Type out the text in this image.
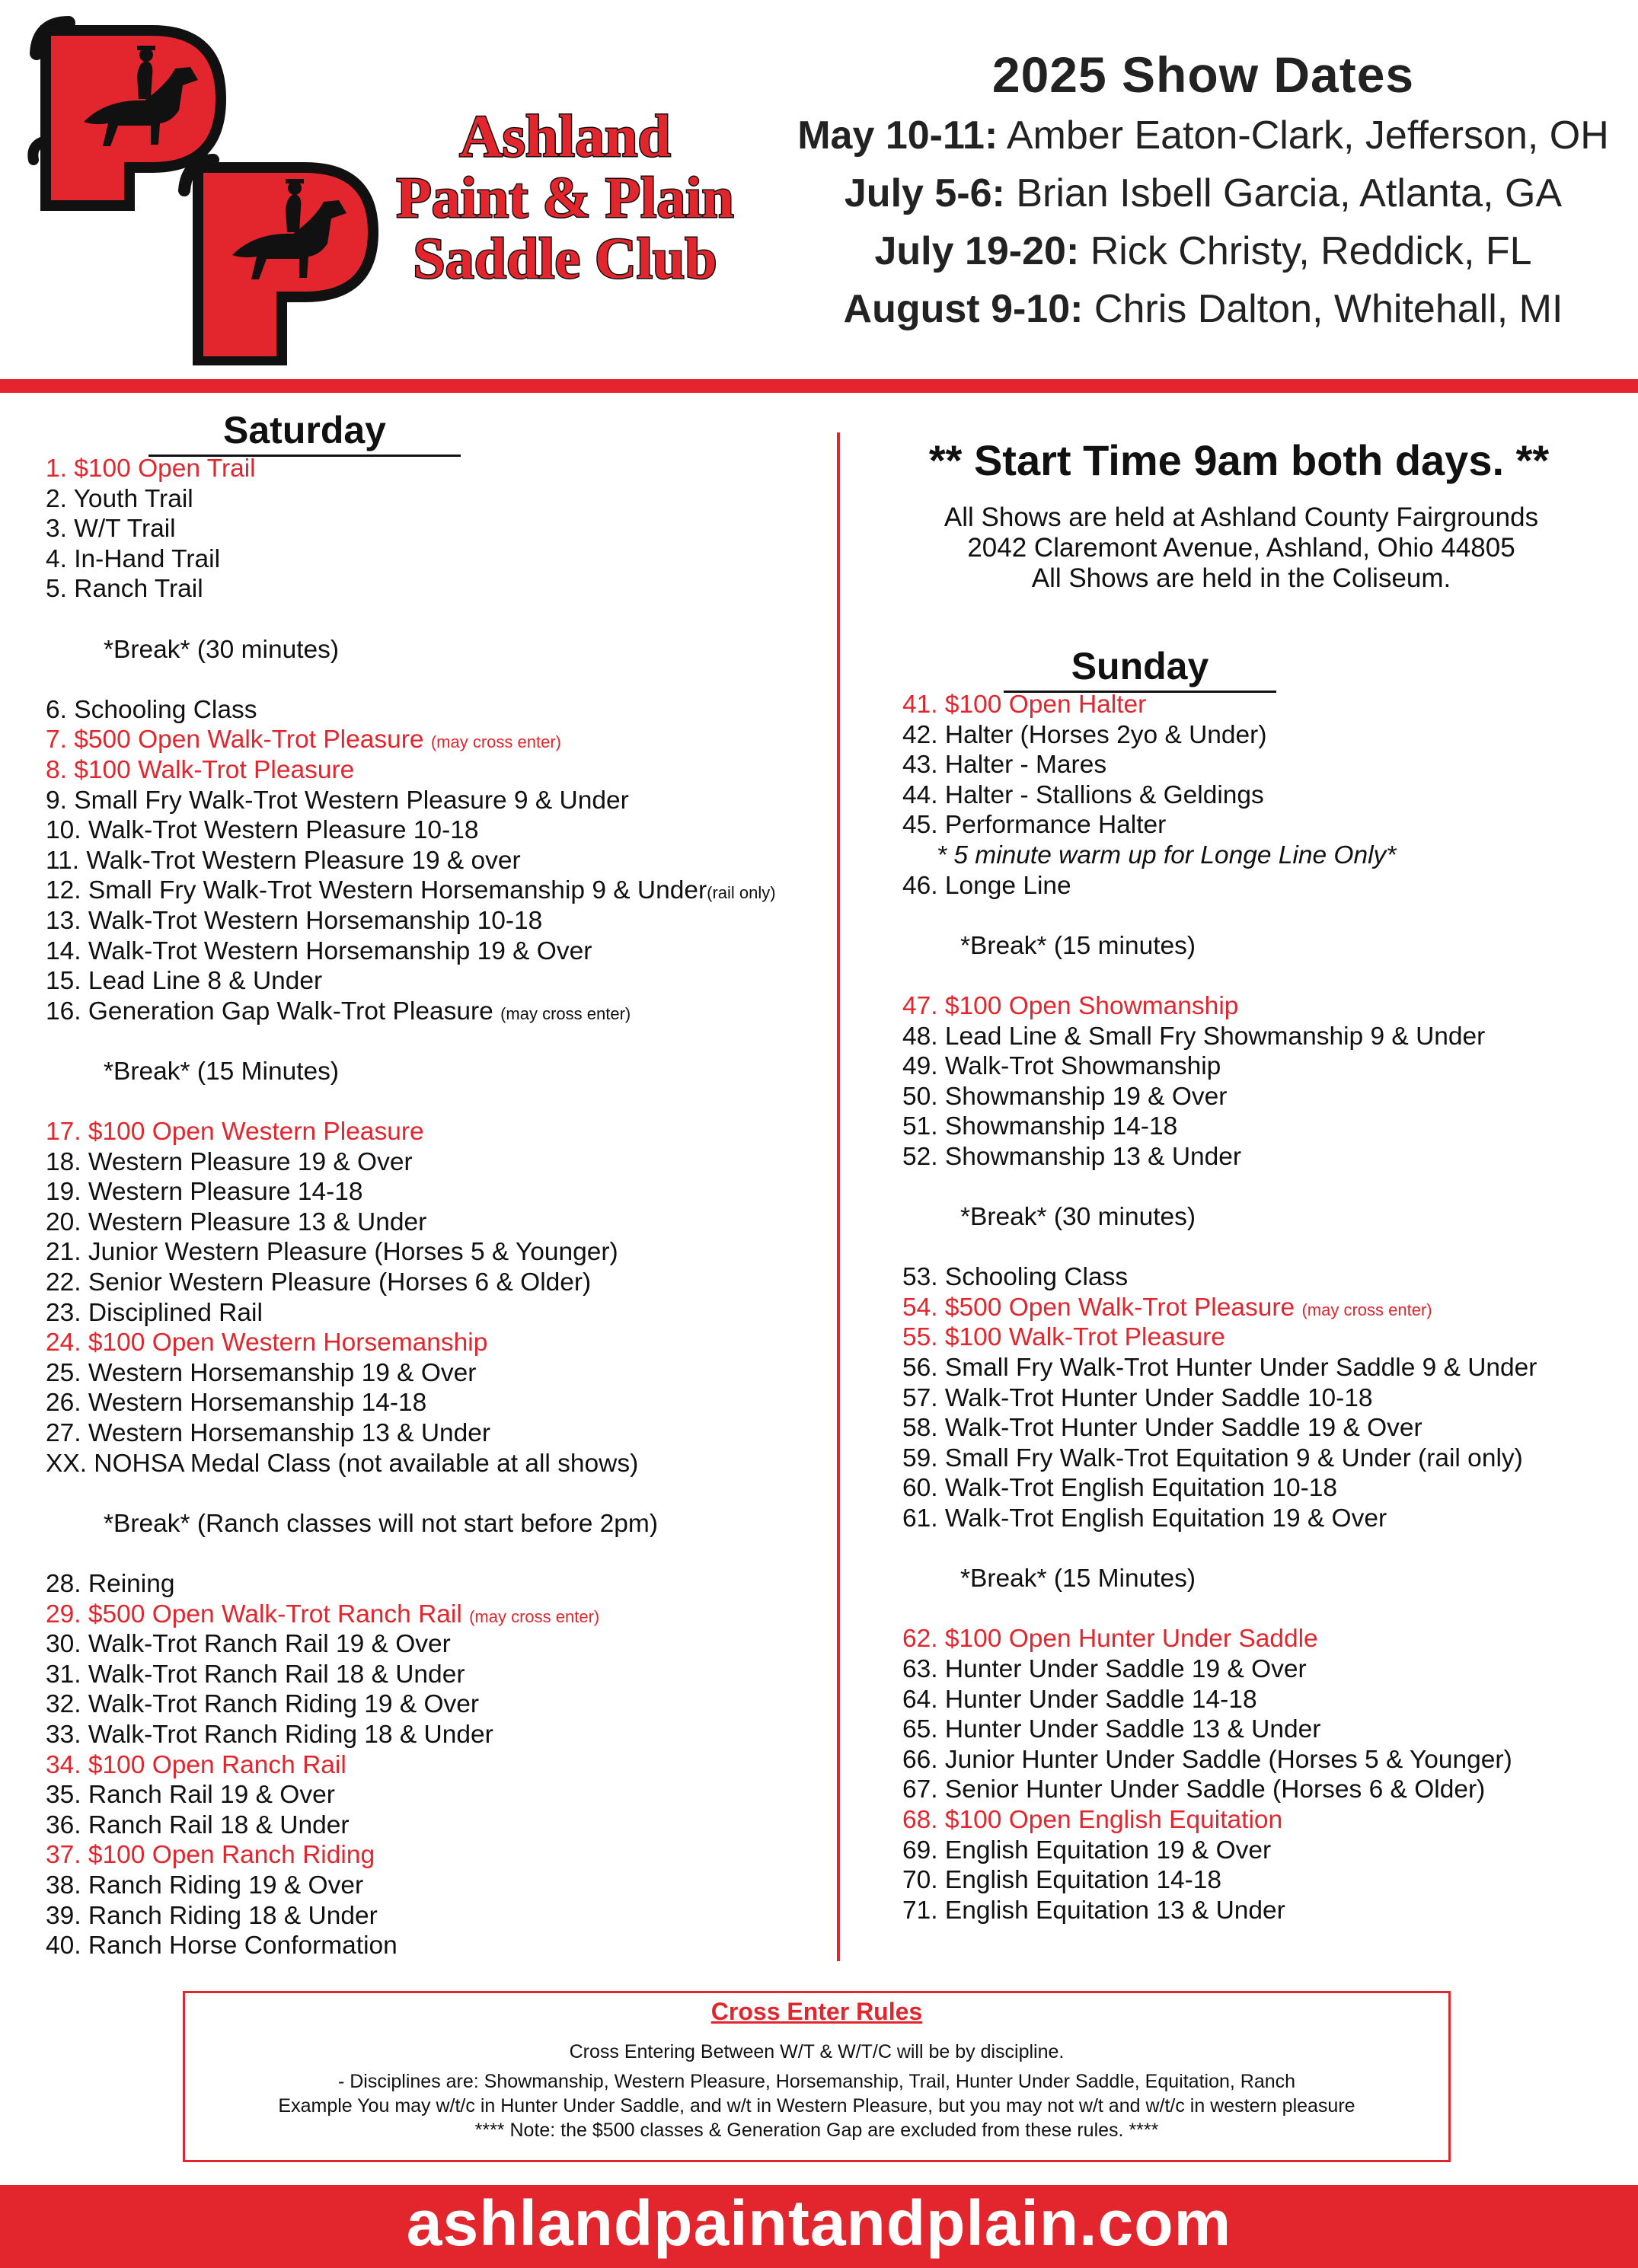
Ashland
Paint & Plain
Saddle Club
2025 Show Dates
May 10-11: Amber Eaton-Clark, Jefferson, OH
July 5-6: Brian Isbell Garcia, Atlanta, GA
July 19-20: Rick Christy, Reddick, FL
August 9-10: Chris Dalton, Whitehall, MI
Saturday
1. $100 Open Trail
2. Youth Trail
3. W/T Trail
4. In-Hand Trail
5. Ranch Trail
*Break* (30 minutes)
6. Schooling Class
7. $500 Open Walk-Trot Pleasure (may cross enter)
8. $100 Walk-Trot Pleasure
9. Small Fry Walk-Trot Western Pleasure 9 & Under
10. Walk-Trot Western Pleasure 10-18
11. Walk-Trot Western Pleasure 19 & over
12. Small Fry Walk-Trot Western Horsemanship 9 & Under(rail only)
13. Walk-Trot Western Horsemanship 10-18
14. Walk-Trot Western Horsemanship 19 & Over
15. Lead Line 8 & Under
16. Generation Gap Walk-Trot Pleasure (may cross enter)
*Break* (15 Minutes)
17. $100 Open Western Pleasure
18. Western Pleasure 19 & Over
19. Western Pleasure 14-18
20. Western Pleasure 13 & Under
21. Junior Western Pleasure (Horses 5 & Younger)
22. Senior Western Pleasure (Horses 6 & Older)
23. Disciplined Rail
24. $100 Open Western Horsemanship
25. Western Horsemanship 19 & Over
26. Western Horsemanship 14-18
27. Western Horsemanship 13 & Under
XX. NOHSA Medal Class (not available at all shows)
*Break* (Ranch classes will not start before 2pm)
28. Reining
29. $500 Open Walk-Trot Ranch Rail (may cross enter)
30. Walk-Trot Ranch Rail 19 & Over
31. Walk-Trot Ranch Rail 18 & Under
32. Walk-Trot Ranch Riding 19 & Over
33. Walk-Trot Ranch Riding 18 & Under
34. $100 Open Ranch Rail
35. Ranch Rail 19 & Over
36. Ranch Rail 18 & Under
37. $100 Open Ranch Riding
38. Ranch Riding 19 & Over
39. Ranch Riding 18 & Under
40. Ranch Horse Conformation
** Start Time 9am both days. **
All Shows are held at Ashland County Fairgrounds
2042 Claremont Avenue, Ashland, Ohio 44805
All Shows are held in the Coliseum.
Sunday
41. $100 Open Halter
42. Halter (Horses 2yo & Under)
43. Halter - Mares
44. Halter - Stallions & Geldings
45. Performance Halter
* 5 minute warm up for Longe Line Only*
46. Longe Line
*Break* (15 minutes)
47. $100 Open Showmanship
48. Lead Line & Small Fry Showmanship 9 & Under
49. Walk-Trot Showmanship
50. Showmanship 19 & Over
51. Showmanship 14-18
52. Showmanship 13 & Under
*Break* (30 minutes)
53. Schooling Class
54. $500 Open Walk-Trot Pleasure (may cross enter)
55. $100 Walk-Trot Pleasure
56. Small Fry Walk-Trot Hunter Under Saddle 9 & Under
57. Walk-Trot Hunter Under Saddle 10-18
58. Walk-Trot Hunter Under Saddle 19 & Over
59. Small Fry Walk-Trot Equitation 9 & Under (rail only)
60. Walk-Trot English Equitation 10-18
61. Walk-Trot English Equitation 19 & Over
*Break* (15 Minutes)
62. $100 Open Hunter Under Saddle
63. Hunter Under Saddle 19 & Over
64. Hunter Under Saddle 14-18
65. Hunter Under Saddle 13 & Under
66. Junior Hunter Under Saddle (Horses 5 & Younger)
67. Senior Hunter Under Saddle (Horses 6 & Older)
68. $100 Open English Equitation
69. English Equitation 19 & Over
70. English Equitation 14-18
71. English Equitation 13 & Under
Cross Enter Rules
Cross Entering Between W/T & W/T/C will be by discipline.
- Disciplines are: Showmanship, Western Pleasure, Horsemanship, Trail, Hunter Under Saddle, Equitation, Ranch
Example You may w/t/c in Hunter Under Saddle, and w/t in Western Pleasure, but you may not w/t and w/t/c in western pleasure
**** Note: the $500 classes & Generation Gap are excluded from these rules. ****
ashlandpaintandplain.com
